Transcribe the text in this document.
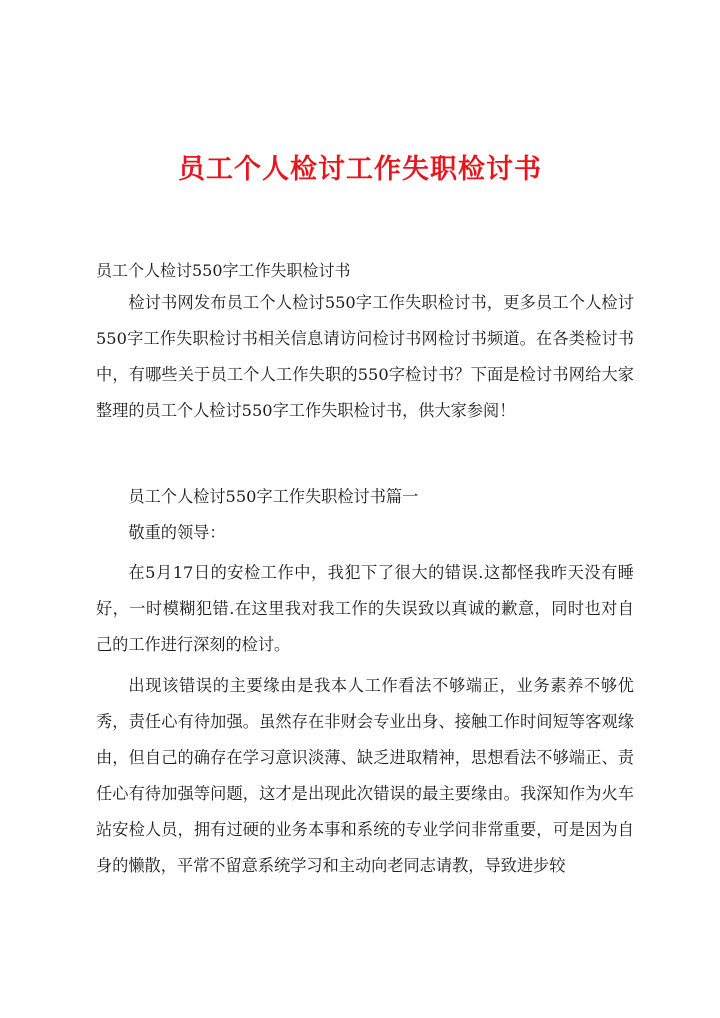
员工个人检讨工作失职检讨书

员工个人检讨550字工作失职检讨书

检讨书网发布员工个人检讨550字工作失职检讨书，更多员工个人检讨550字工作失职检讨书相关信息请访问检讨书网检讨书频道。在各类检讨书中，有哪些关于员工个人工作失职的550字检讨书？下面是检讨书网给大家整理的员工个人检讨550字工作失职检讨书，供大家参阅！

员工个人检讨550字工作失职检讨书篇一

敬重的领导：

在5月17日的安检工作中，我犯下了很大的错误.这都怪我昨天没有睡好，一时模糊犯错.在这里我对我工作的失误致以真诚的歉意，同时也对自己的工作进行深刻的检讨。

出现该错误的主要缘由是我本人工作看法不够端正，业务素养不够优秀，责任心有待加强。虽然存在非财会专业出身、接触工作时间短等客观缘由，但自己的确存在学习意识淡薄、缺乏进取精神，思想看法不够端正、责任心有待加强等问题，这才是出现此次错误的最主要缘由。我深知作为火车站安检人员，拥有过硬的业务本事和系统的专业学问非常重要，可是因为自身的懒散，平常不留意系统学习和主动向老同志请教，导致进步较
